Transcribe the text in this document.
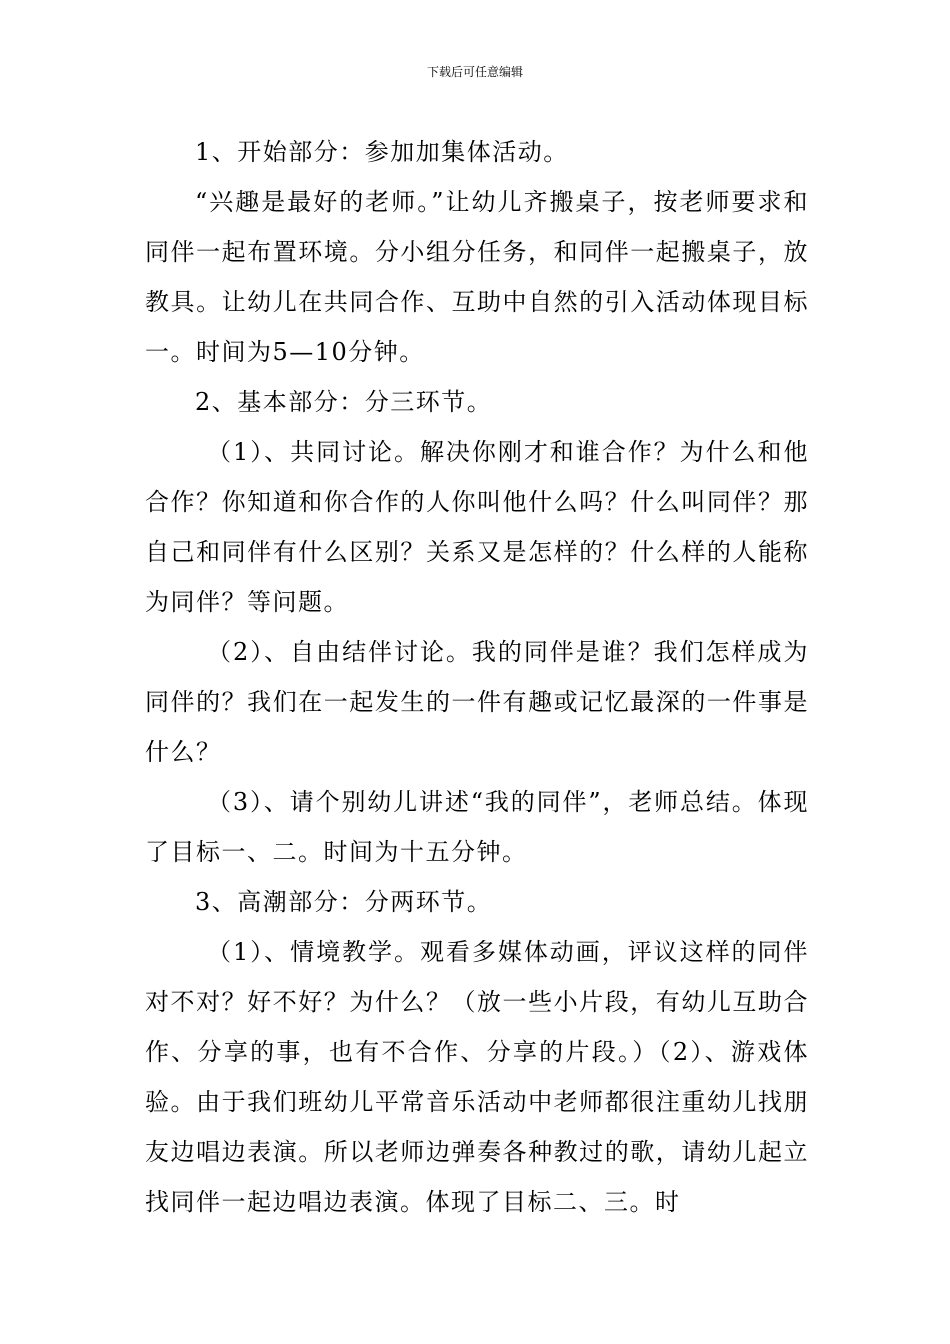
下载后可任意编辑

1、开始部分：参加加集体活动。

“兴趣是最好的老师。”让幼儿齐搬桌子，按老师要求和同伴一起布置环境。分小组分任务，和同伴一起搬桌子，放教具。让幼儿在共同合作、互助中自然的引入活动体现目标一。时间为5—10分钟。

2、基本部分：分三环节。

（1）、共同讨论。解决你刚才和谁合作？为什么和他合作？你知道和你合作的人你叫他什么吗？什么叫同伴？那自己和同伴有什么区别？关系又是怎样的？什么样的人能称为同伴？等问题。

（2）、自由结伴讨论。我的同伴是谁？我们怎样成为同伴的？我们在一起发生的一件有趣或记忆最深的一件事是什么？

（3）、请个别幼儿讲述“我的同伴”，老师总结。体现了目标一、二。时间为十五分钟。

3、高潮部分：分两环节。

（1）、情境教学。观看多媒体动画，评议这样的同伴对不对？好不好？为什么？（放一些小片段，有幼儿互助合作、分享的事，也有不合作、分享的片段。）（2）、游戏体验。由于我们班幼儿平常音乐活动中老师都很注重幼儿找朋友边唱边表演。所以老师边弹奏各种教过的歌，请幼儿起立找同伴一起边唱边表演。体现了目标二、三。时
